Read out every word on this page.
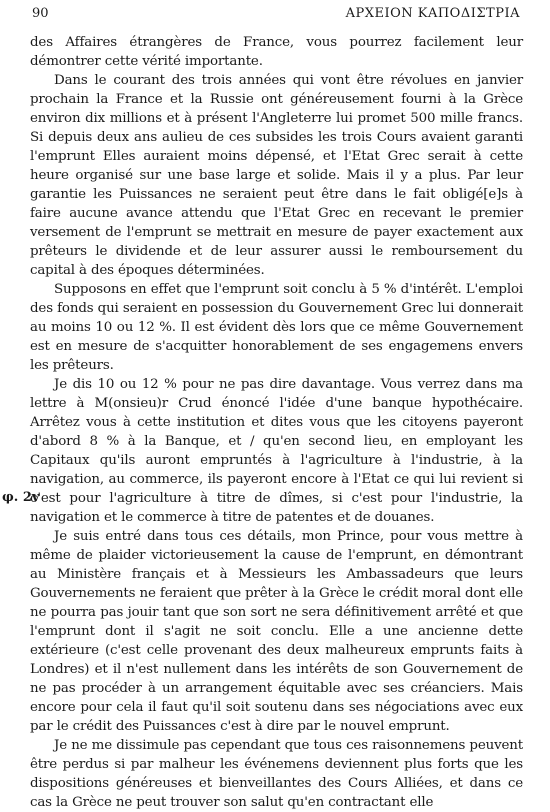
90	ΑΡΧΕΙΟΝ ΚΑΠΟΔΙΣΤΡΙΑ
φ. 2v

des Affaires étrangères de France, vous pourrez facilement leur démontrer cette vérité importante.

Dans le courant des trois années qui vont être révolues en janvier prochain la France et la Russie ont généreusement fourni à la Grèce environ dix millions et à présent l'Angleterre lui promet 500 mille francs. Si depuis deux ans aulieu de ces subsides les trois Cours avaient garanti l'emprunt Elles auraient moins dépensé, et l'Etat Grec serait à cette heure organisé sur une base large et solide. Mais il y a plus. Par leur garantie les Puissances ne seraient peut être dans le fait obligé[e]s à faire aucune avance attendu que l'Etat Grec en recevant le premier versement de l'emprunt se mettrait en mesure de payer exactement aux prêteurs le dividende et de leur assurer aussi le remboursement du capital à des époques déterminées.

Supposons en effet que l'emprunt soit conclu à 5 % d'intérêt. L'emploi des fonds qui seraient en possession du Gouvernement Grec lui donnerait au moins 10 ou 12 %. Il est évident dès lors que ce même Gouvernement est en mesure de s'acquitter honorablement de ses engagemens envers les prêteurs.

Je dis 10 ou 12 % pour ne pas dire davantage. Vous verrez dans ma lettre à M(onsieu)r Crud énoncé l'idée d'une banque hypothécaire. Arrêtez vous à cette institution et dites vous que les citoyens payeront d'abord 8 % à la Banque, et / qu'en second lieu, en employant les Capitaux qu'ils auront empruntés à l'agriculture à l'industrie, à la navigation, au commerce, ils payeront encore à l'Etat ce qui lui revient si c'est pour l'agriculture à titre de dîmes, si c'est pour l'industrie, la navigation et le commerce à titre de patentes et de douanes.

Je suis entré dans tous ces détails, mon Prince, pour vous mettre à même de plaider victorieusement la cause de l'emprunt, en démontrant au Ministère français et à Messieurs les Ambassadeurs que leurs Gouvernements ne feraient que prêter à la Grèce le crédit moral dont elle ne pourra pas jouir tant que son sort ne sera définitivement arrêté et que l'emprunt dont il s'agit ne soit conclu. Elle a une ancienne dette extérieure (c'est celle provenant des deux malheureux emprunts faits à Londres) et il n'est nullement dans les intérêts de son Gouvernement de ne pas procéder à un arrangement équitable avec ses créanciers. Mais encore pour cela il faut qu'il soit soutenu dans ses négociations avec eux par le crédit des Puissances c'est à dire par le nouvel emprunt.

Je ne me dissimule pas cependant que tous ces raisonnemens peuvent être perdus si par malheur les événemens deviennent plus forts que les dispositions généreuses et bienveillantes des Cours Alliées, et dans ce cas la Grèce ne peut trouver son salut qu'en contractant elle
